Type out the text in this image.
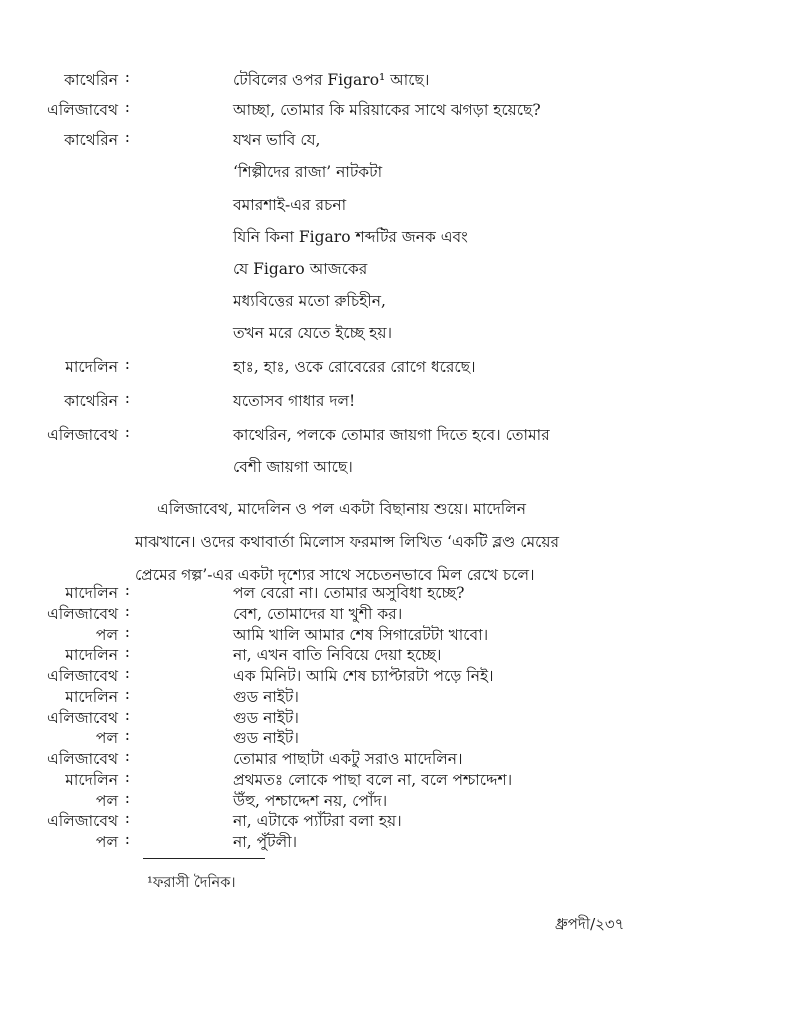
কাথেরিন :	টেবিলের ওপর Figaro¹ আছে।
এলিজাবেথ :	আচ্ছা, তোমার কি মরিয়াকের সাথে ঝগড়া হয়েছে?
কাথেরিন :	যখন ভাবি যে,
‘শিল্পীদের রাজা’ নাটকটা
বমারশাই-এর রচনা
যিনি কিনা Figaro শব্দটির জনক এবং
যে Figaro আজকের
মধ্যবিত্তের মতো রুচিহীন,
তখন মরে যেতে ইচ্ছে হয়।
মাদেলিন :	হাঃ, হাঃ, ওকে রোবেরের রোগে ধরেছে।
কাথেরিন :	যতোসব গাধার দল!
এলিজাবেথ :	কাথেরিন, পলকে তোমার জায়গা দিতে হবে। তোমার
বেশী জায়গা আছে।
এলিজাবেথ, মাদেলিন ও পল একটা বিছানায় শুয়ে। মাদেলিন
মাঝখানে। ওদের কথাবার্তা মিলোস ফরমান্স লিখিত ‘একটি ব্লণ্ড মেয়ের
প্রেমের গল্প’-এর একটা দৃশ্যের সাথে সচেতনভাবে মিল রেখে চলে।
মাদেলিন :	পল বেরো না। তোমার অসুবিধা হচ্ছে?
এলিজাবেথ :	বেশ, তোমাদের যা খুশী কর।
পল :	আমি খালি আমার শেষ সিগারেটটা খাবো।
মাদেলিন :	না, এখন বাতি নিবিয়ে দেয়া হচ্ছে।
এলিজাবেথ :	এক মিনিট। আমি শেষ চ্যাপ্টারটা পড়ে নিই।
মাদেলিন :	গুড নাইট।
এলিজাবেথ :	গুড নাইট।
পল :	গুড নাইট।
¹ফরাসী দৈনিক।
ধ্রুপদী/২৩৭
এলিজাবেথ :	তোমার পাছাটা একটু সরাও মাদেলিন।
মাদেলিন :	প্রথমতঃ লোকে পাছা বলে না, বলে পশ্চাদ্দেশ।
পল :	উঁহু, পশ্চাদ্দেশ নয়, পোঁদ।
এলিজাবেথ :	না, এটাকে প্যাঁটরা বলা হয়।
পল :	না, পুঁটলী।
